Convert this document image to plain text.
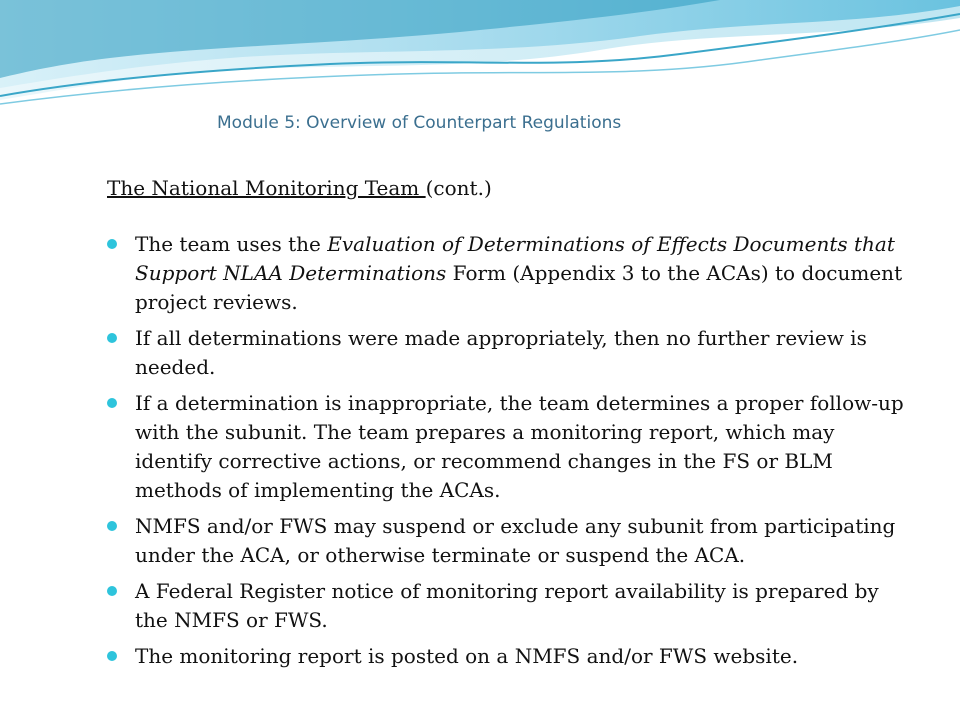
Module 5: Overview of Counterpart Regulations
The National Monitoring Team (cont.)
The team uses the Evaluation of Determinations of Effects Documents that Support NLAA Determinations Form (Appendix 3 to the ACAs) to document project reviews.
If all determinations were made appropriately, then no further review is needed.
If a determination is inappropriate, the team determines a proper follow-up with the subunit. The team prepares a monitoring report, which may identify corrective actions, or recommend changes in the FS or BLM methods of implementing the ACAs.
NMFS and/or FWS may suspend or exclude any subunit from participating under the ACA, or otherwise terminate or suspend the ACA.
A Federal Register notice of monitoring report availability is prepared by the NMFS or FWS.
The monitoring report is posted on a NMFS and/or FWS website.
